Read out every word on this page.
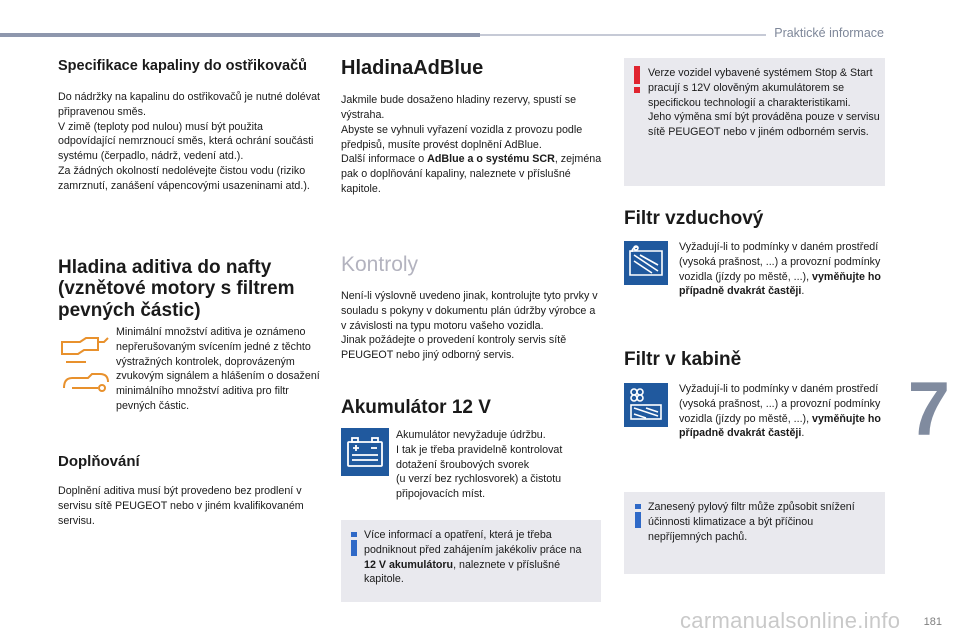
Praktické informace
7
181
carmanualsonline.info
Specifikace kapaliny do ostřikovačů
Do nádržky na kapalinu do ostřikovačů je nutné dolévat připravenou směs.
V zimě (teploty pod nulou) musí být použita odpovídající nemrznoucí směs, která ochrání součásti systému (čerpadlo, nádrž, vedení atd.).
Za žádných okolností nedolévejte čistou vodu (riziko zamrznutí, zanášení vápencovými usazeninami atd.).
Hladina aditiva do nafty (vznětové motory s filtrem pevných částic)
Minimální množství aditiva je oznámeno nepřerušovaným svícením jedné z těchto výstražných kontrolek, doprovázeným zvukovým signálem a hlášením o dosažení minimálního množství aditiva pro filtr pevných částic.
Doplňování
Doplnění aditiva musí být provedeno bez prodlení v servisu sítě PEUGEOT nebo v jiném kvalifikovaném servisu.
HladinaAdBlue
Jakmile bude dosaženo hladiny rezervy, spustí se výstraha.
Abyste se vyhnuli vyřazení vozidla z provozu podle předpisů, musíte provést doplnění AdBlue.
Další informace o AdBlue a o systému SCR, zejména pak o doplňování kapaliny, naleznete v příslušné kapitole.
Kontroly
Není-li výslovně uvedeno jinak, kontrolujte tyto prvky v souladu s pokyny v dokumentu plán údržby výrobce a v závislosti na typu motoru vašeho vozidla.
Jinak požádejte o provedení kontroly servis sítě PEUGEOT nebo jiný odborný servis.
Akumulátor 12 V
Akumulátor nevyžaduje údržbu.
I tak je třeba pravidelně kontrolovat dotažení šroubových svorek
(u verzí bez rychlosvorek) a čistotu připojovacích míst.
Více informací a opatření, která je třeba podniknout před zahájením jakékoliv práce na 12 V akumulátoru, naleznete v příslušné kapitole.
Verze vozidel vybavené systémem Stop & Start pracují s 12V olověným akumulátorem se specifickou technologií a charakteristikami.
Jeho výměna smí být prováděna pouze v servisu sítě PEUGEOT nebo v jiném odborném servis.
Filtr vzduchový
Vyžadují-li to podmínky v daném prostředí (vysoká prašnost, ...) a provozní podmínky vozidla (jízdy po městě, ...), vyměňujte ho případně dvakrát častěji.
Filtr v kabině
Vyžadují-li to podmínky v daném prostředí (vysoká prašnost, ...) a provozní podmínky vozidla (jízdy po městě, ...), vyměňujte ho případně dvakrát častěji.
Zanesený pylový filtr může způsobit snížení účinnosti klimatizace a být příčinou nepříjemných pachů.
